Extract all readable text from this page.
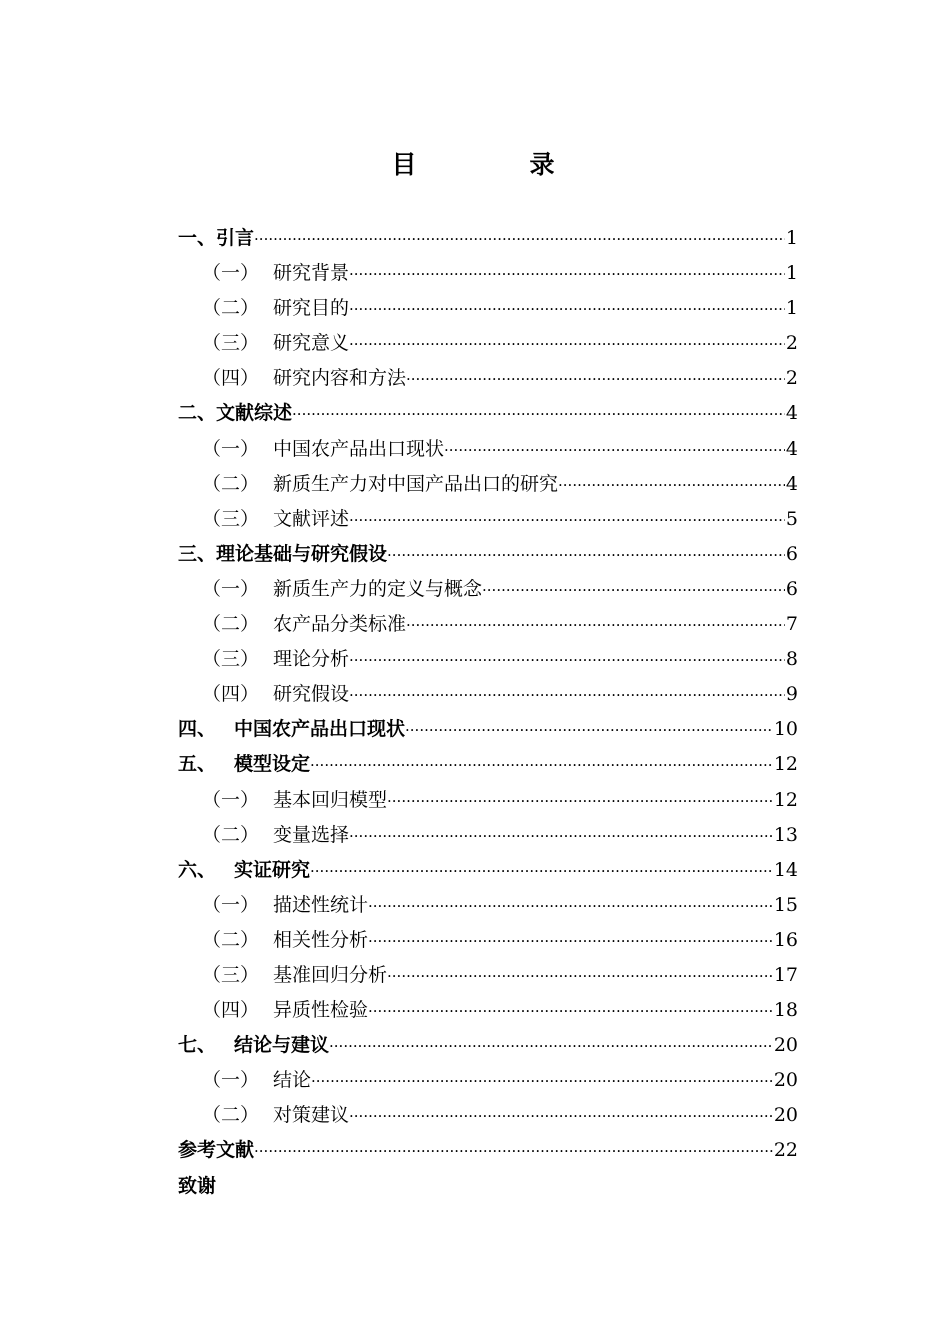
目　录
一、引言 ·····	1
（一） 研究背景 ·····	1
（二） 研究目的 ·····	1
（三） 研究意义 ·····	2
（四） 研究内容和方法 ·····	2
二、文献综述 ·····	4
（一） 中国农产品出口现状 ·····	4
（二） 新质生产力对中国产品出口的研究 ·····	4
（三） 文献评述 ·····	5
三、理论基础与研究假设 ·····	6
（一） 新质生产力的定义与概念 ·····	6
（二） 农产品分类标准 ·····	7
（三） 理论分析 ·····	8
（四） 研究假设 ·····	9
四、 中国农产品出口现状 ·····	10
五、 模型设定 ·····	12
（一） 基本回归模型 ·····	12
（二） 变量选择 ·····	13
六、 实证研究 ·····	14
（一） 描述性统计 ·····	15
（二） 相关性分析 ·····	16
（三） 基准回归分析 ·····	17
（四） 异质性检验 ·····	18
七、 结论与建议 ·····	20
（一） 结论 ·····	20
（二） 对策建议 ·····	20
参考文献 ·····	22
致谢
